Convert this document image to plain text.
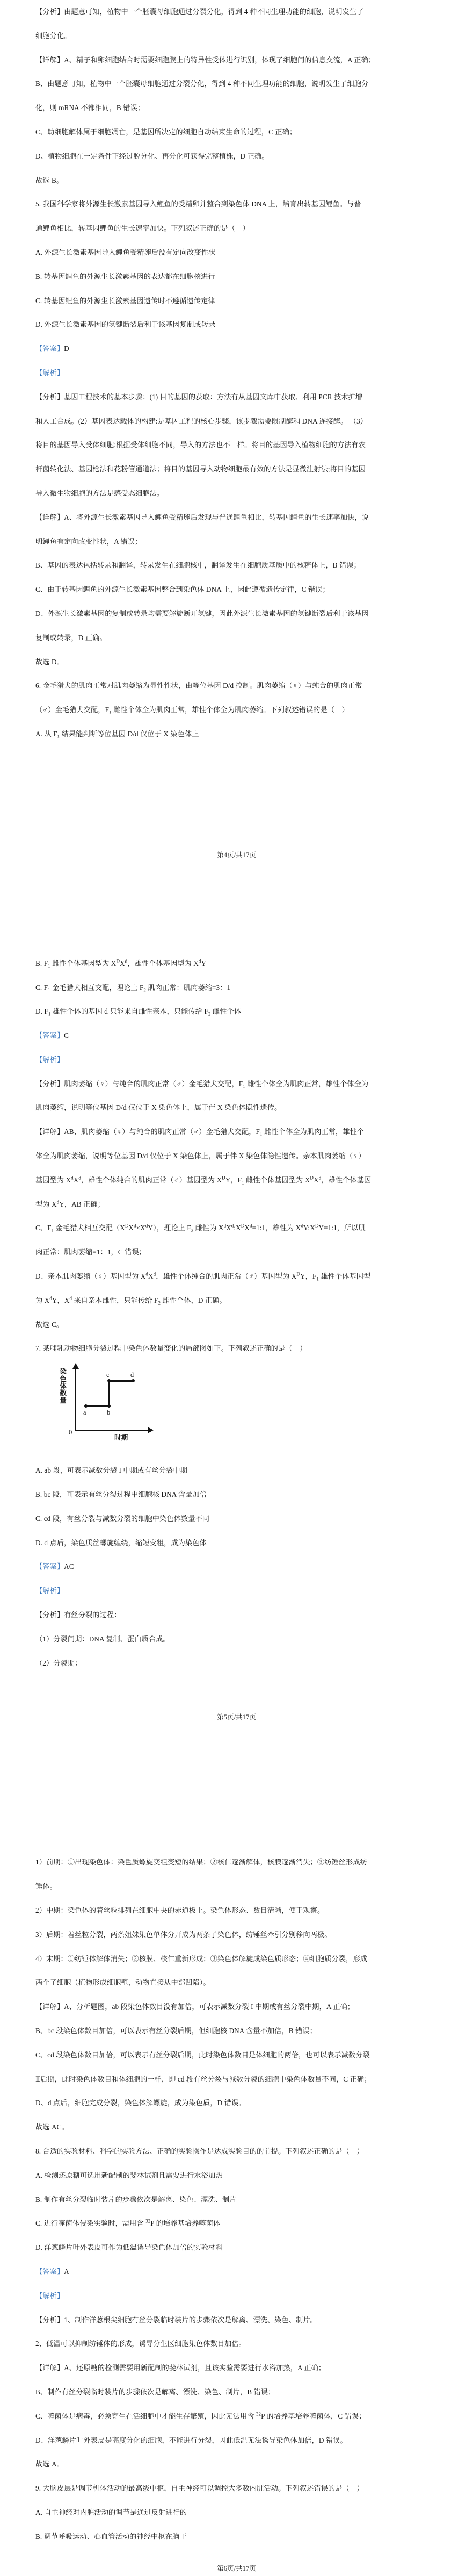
【分析】由题意可知，植物中一个胚囊母细胞通过分裂分化，得到 4 种不同生理功能的细胞，说明发生了
细胞分化。
【详解】A、精子和卵细胞结合时需要细胞膜上的特异性受体进行识别，体现了细胞间的信息交流，A 正确；
B、由题意可知，植物中一个胚囊母细胞通过分裂分化，得到 4 种不同生理功能的细胞，说明发生了细胞分
化，则 mRNA 不都相同，B 错误；
C、助细胞解体属于细胞凋亡，是基因所决定的细胞自动结束生命的过程，C 正确；
D、植物细胞在一定条件下经过脱分化、再分化可获得完整植株，D 正确。
故选 B。
5. 我国科学家将外源生长激素基因导入鲤鱼的受精卵并整合到染色体 DNA 上，培育出转基因鲤鱼。与普
通鲤鱼相比，转基因鲤鱼的生长速率加快。下列叙述正确的是（    ）
A. 外源生长激素基因导入鲤鱼受精卵后没有定向改变性状
B. 转基因鲤鱼的外源生长激素基因的表达都在细胞核进行
C. 转基因鲤鱼的外源生长激素基因遗传时不遵循遗传定律
D. 外源生长激素基因的氢键断裂后利于该基因复制或转录
【答案】D
【解析】
【分析】基因工程技术的基本步骤：(1) 目的基因的获取：方法有从基因文库中获取、利用 PCR 技术扩增
和人工合成。(2）基因表达载体的构建:是基因工程的核心步骤，该步骤需要限制酶和 DNA 连接酶。 （3）
将目的基因导入受体细胞:根据受体细胞不同，导入的方法也不一样。将目的基因导入植物细胞的方法有农
杆菌转化法、基因枪法和花粉管通道法；将目的基因导入动物细胞最有效的方法是显微注射法;将目的基因
导入微生物细胞的方法是感受态细胞法。
【详解】A、将外源生长激素基因导入鲤鱼受精卵后发现与普通鲤鱼相比，转基因鲤鱼的生长速率加快，说
明鲤鱼有定向改变性状，A 错误；
B、基因的表达包括转录和翻译，转录发生在细胞核中，翻译发生在细胞质基质中的核糖体上，B 错误；
C、由于转基因鲤鱼的外源生长激素基因整合到染色体 DNA 上，因此遵循遗传定律，C 错误；
D、外源生长激素基因的复制或转录均需要解旋断开氢键，因此外源生长激素基因的氢键断裂后利于该基因
复制或转录，D 正确。
故选 D。
6. 金毛猎犬的肌肉正常对肌肉萎缩为显性性状，由等位基因 D/d 控制。肌肉萎缩（♀）与纯合的肌肉正常
（♂）金毛猎犬交配，F₁ 雌性个体全为肌肉正常，雄性个体全为肌肉萎缩。下列叙述错误的是（    ）
A. 从 F₁ 结果能判断等位基因 D/d 仅位于 X 染色体上
第4页/共17页
B. $F_1$ 雌性个体基因型为 $X^DX^d$，雄性个体基因型为 $X^dY$
C. $F_1$ 金毛猎犬相互交配，理论上 $F_2$ 肌肉正常：肌肉萎缩=3：1
D. $F_1$ 雄性个体的基因 d 只能来自雌性亲本，只能传给 $F_2$ 雌性个体
【答案】C
【解析】
【分析】肌肉萎缩（♀）与纯合的肌肉正常（♂）金毛猎犬交配，F₁ 雌性个体全为肌肉正常，雄性个体全为
肌肉萎缩，说明等位基因 D/d 仅位于 X 染色体上，属于伴 X 染色体隐性遗传。
【详解】AB、肌肉萎缩（♀）与纯合的肌肉正常（♂）金毛猎犬交配，F₁ 雌性个体全为肌肉正常，雄性个
体全为肌肉萎缩，说明等位基因 D/d 仅位于 X 染色体上，属于伴 X 染色体隐性遗传。亲本肌肉萎缩（♀）
基因型为 $X^dX^d$，雄性个体纯合的肌肉正常（♂）基因型为 $X^DY$，$F_1$ 雌性个体基因型为 $X^DX^d$，雄性个体基因
型为 $X^dY$，AB 正确；
C、$F_1$ 金毛猎犬相互交配$(X^DX^d\times X^dY)$，理论上 $F_2$ 雌性为 $X^dX^d:X^DX^d=1:1$，雄性为 $X^dY:X^DY=1:1$，所以肌
肉正常：肌肉萎缩=1：1，C 错误；
D、亲本肌肉萎缩（♀）基因型为 $X^dX^d$，雄性个体纯合的肌肉正常（♂）基因型为 $X^DY$，$F_1$ 雄性个体基因型
为 $X^dY$，$X^d$ 来自亲本雌性，只能传给 $F_2$ 雌性个体，D 正确。
故选 C。
7. 某哺乳动物细胞分裂过程中染色体数量变化的局部图如下。下列叙述正确的是（    ）
染色体数量
0
时期
a	b
c	d
A. ab 段，可表示减数分裂 I 中期或有丝分裂中期
B. bc 段，可表示有丝分裂过程中细胞核 DNA 含量加倍
C. cd 段，有丝分裂与减数分裂的细胞中染色体数量不同
D. d 点后，染色质丝螺旋缠绕，缩短变粗，成为染色体
【答案】AC
【解析】
【分析】有丝分裂的过程：
（1）分裂间期：DNA 复制、蛋白质合成。
（2）分裂期：
第5页/共17页
1）前期：①出现染色体：染色质螺旋变粗变短的结果；②核仁逐渐解体，核膜逐渐消失；③纺锤丝形成纺
锤体。
2）中期：染色体的着丝粒排列在细胞中央的赤道板上。染色体形态、数目清晰，便于观察。
3）后期：着丝粒分裂，两条姐妹染色单体分开成为两条子染色体，纺锤丝牵引分别移向两极。
4）末期：①纺锤体解体消失；②核膜、核仁重新形成；③染色体解旋成染色质形态；④细胞质分裂，形成
两个子细胞（植物形成细胞壁，动物直接从中部凹陷）。
【详解】A、分析题图，ab 段染色体数目没有加倍，可表示减数分裂 I 中期或有丝分裂中期，A 正确；
B、bc 段染色体数目加倍，可以表示有丝分裂后期，但细胞核 DNA 含量不加倍，B 错误；
C、cd 段染色体数目加倍，可以表示有丝分裂后期，此时染色体数目是体细胞的两倍，也可以表示减数分裂
Ⅱ后期，此时染色体数目和体细胞的一样，即 cd 段有丝分裂与减数分裂的细胞中染色体数量不同，C 正确；
D、d 点后，细胞完成分裂，染色体解螺旋，成为染色质，D 错误。
故选 AC。
8. 合适的实验材料、科学的实验方法、正确的实验操作是达成实验目的的前提。下列叙述正确的是（    ）
A. 检测还原糖可选用新配制的斐林试剂且需要进行水浴加热
B. 制作有丝分裂临时装片的步骤依次是解离、染色、漂洗、制片
C. 进行噬菌体侵染实验时，需用含 $^{32}$P 的培养基培养噬菌体
D. 洋葱鳞片叶外表皮可作为低温诱导染色体加倍的实验材料
【答案】A
【解析】
【分析】1、制作洋葱根尖细胞有丝分裂临时装片的步骤依次是解离、漂洗、染色、制片。
2、低温可以抑制纺锤体的形成，诱导分生区细胞染色体数目加倍。
【详解】A、还原糖的检测需要用新配制的斐林试剂，且该实验需要进行水浴加热，A 正确；
B、制作有丝分裂临时装片的步骤依次是解离、漂洗、染色、制片，B 错误；
C、噬菌体是病毒，必须寄生在活细胞中才能生存繁殖，因此无法用含 $^{32}$P 的培养基培养噬菌体，C 错误；
D、洋葱鳞片叶外表皮是高度分化的细胞，不能进行分裂，因此低温无法诱导染色体加倍，D 错误。
故选 A。
9. 大脑皮层是调节机体活动的最高级中枢，自主神经可以调控大多数内脏活动。下列叙述错误的是（    ）
A. 自主神经对内脏活动的调节是通过反射进行的
B. 调节呼吸运动、心血管活动的神经中枢在脑干
第6页/共17页
